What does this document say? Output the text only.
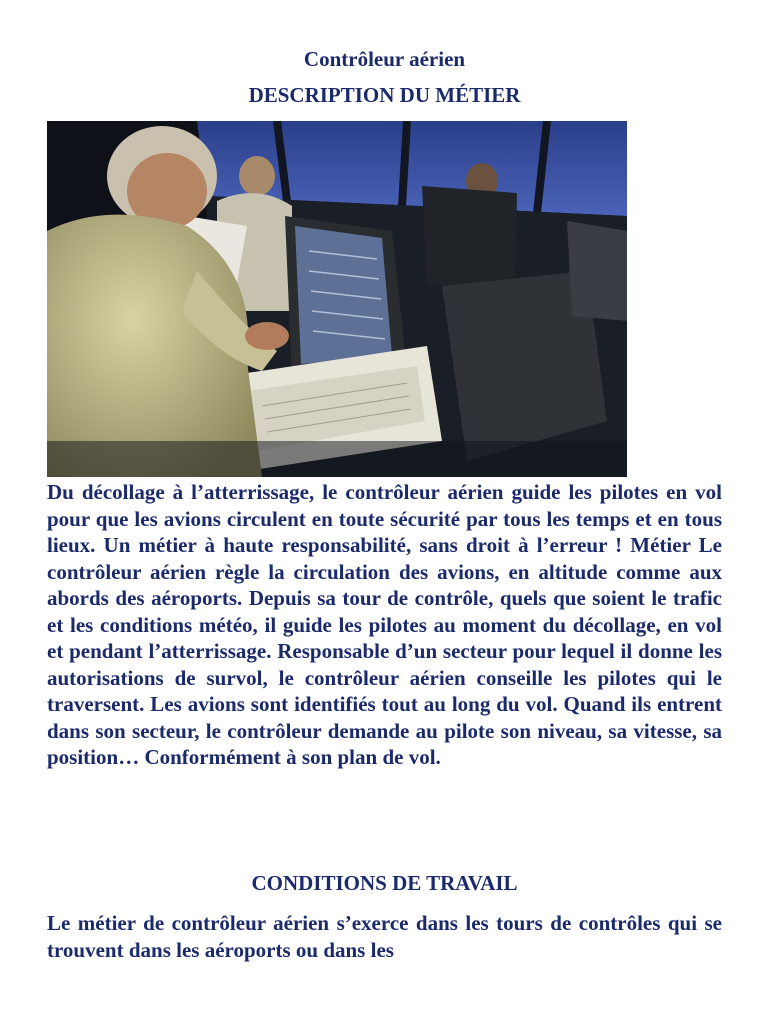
Contrôleur aérien
DESCRIPTION DU MÉTIER

Du décollage à l’atterrissage, le contrôleur aérien guide les pilotes en vol pour que les avions circulent en toute sécurité par tous les temps et en tous lieux. Un métier à haute responsabilité, sans droit à l’erreur ! Métier Le contrôleur aérien règle la circulation des avions, en altitude comme aux abords des aéroports. Depuis sa tour de contrôle, quels que soient le trafic et les conditions météo, il guide les pilotes au moment du décollage, en vol et pendant l’atterrissage. Responsable d’un secteur pour lequel il donne les autorisations de survol, le contrôleur aérien conseille les pilotes qui le traversent. Les avions sont identifiés tout au long du vol. Quand ils entrent dans son secteur, le contrôleur demande au pilote son niveau, sa vitesse, sa position… Conformément à son plan de vol.

CONDITIONS DE TRAVAIL

Le métier de contrôleur aérien s’exerce dans les tours de contrôles qui se trouvent dans les aéroports ou dans les
